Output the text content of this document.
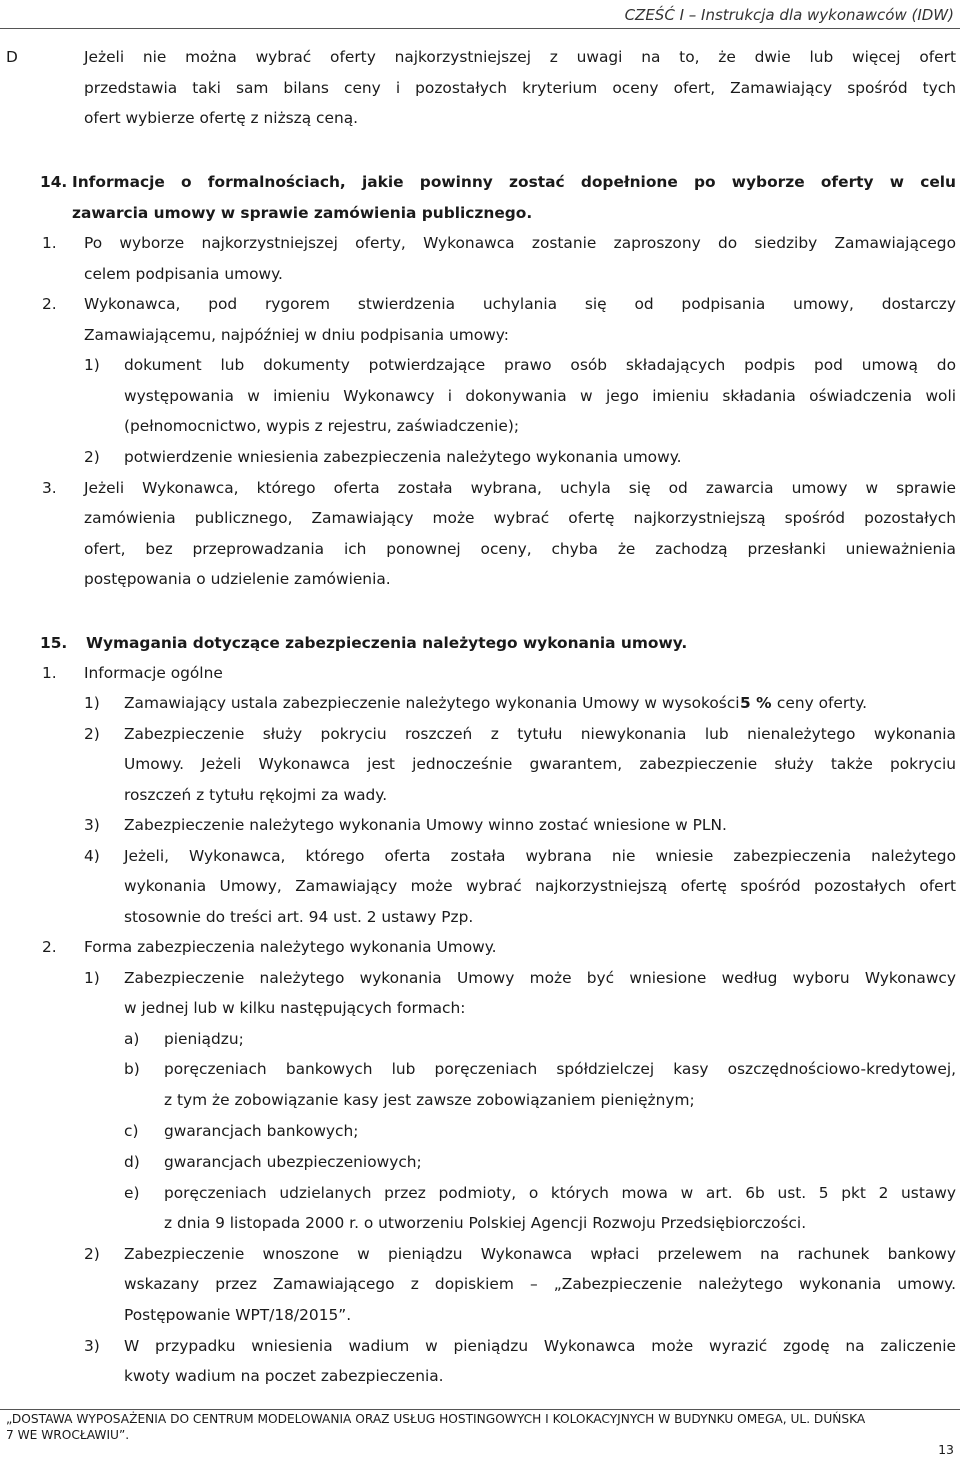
CZEŚĆ I – Instrukcja dla wykonawców (IDW)
D	Jeżeli nie można wybrać oferty najkorzystniejszej z uwagi na to, że dwie lub więcej ofert
przedstawia taki sam bilans ceny i pozostałych kryterium oceny ofert, Zamawiający spośród tych
ofert wybierze ofertę z niższą ceną.
14. Informacje o formalnościach, jakie powinny zostać dopełnione po wyborze oferty w celu
zawarcia umowy w sprawie zamówienia publicznego.
1. Po wyborze najkorzystniejszej oferty, Wykonawca zostanie zaproszony do siedziby Zamawiającego
celem podpisania umowy.
2. Wykonawca, pod rygorem stwierdzenia uchylania się od podpisania umowy, dostarczy
Zamawiającemu, najpóźniej w dniu podpisania umowy:
1) dokument lub dokumenty potwierdzające prawo osób składających podpis pod umową do
występowania w imieniu Wykonawcy i dokonywania w jego imieniu składania oświadczenia woli
(pełnomocnictwo, wypis z rejestru, zaświadczenie);
2) potwierdzenie wniesienia zabezpieczenia należytego wykonania umowy.
3. Jeżeli Wykonawca, którego oferta została wybrana, uchyla się od zawarcia umowy w sprawie
zamówienia publicznego, Zamawiający może wybrać ofertę najkorzystniejszą spośród pozostałych
ofert, bez przeprowadzania ich ponownej oceny, chyba że zachodzą przesłanki unieważnienia
postępowania o udzielenie zamówienia.
15. Wymagania dotyczące zabezpieczenia należytego wykonania umowy.
1. Informacje ogólne
1) Zamawiający ustala zabezpieczenie należytego wykonania Umowy w wysokości 5 % ceny oferty.
2) Zabezpieczenie służy pokryciu roszczeń z tytułu niewykonania lub nienależytego wykonania
Umowy. Jeżeli Wykonawca jest jednocześnie gwarantem, zabezpieczenie służy także pokryciu
roszczeń z tytułu rękojmi za wady.
3) Zabezpieczenie należytego wykonania Umowy winno zostać wniesione w PLN.
4) Jeżeli, Wykonawca, którego oferta została wybrana nie wniesie zabezpieczenia należytego
wykonania Umowy, Zamawiający może wybrać najkorzystniejszą ofertę spośród pozostałych ofert
stosownie do treści art. 94 ust. 2 ustawy Pzp.
2. Forma zabezpieczenia należytego wykonania Umowy.
1) Zabezpieczenie należytego wykonania Umowy może być wniesione według wyboru Wykonawcy
w jednej lub w kilku następujących formach:
a) pieniądzu;
b) poręczeniach bankowych lub poręczeniach spółdzielczej kasy oszczędnościowo-kredytowej,
z tym że zobowiązanie kasy jest zawsze zobowiązaniem pieniężnym;
c) gwarancjach bankowych;
d) gwarancjach ubezpieczeniowych;
e) poręczeniach udzielanych przez podmioty, o których mowa w art. 6b ust. 5 pkt 2 ustawy
z dnia 9 listopada 2000 r. o utworzeniu Polskiej Agencji Rozwoju Przedsiębiorczości.
2) Zabezpieczenie wnoszone w pieniądzu Wykonawca wpłaci przelewem na rachunek bankowy
wskazany przez Zamawiającego z dopiskiem – „Zabezpieczenie należytego wykonania umowy.
Postępowanie WPT/18/2015”.
3) W przypadku wniesienia wadium w pieniądzu Wykonawca może wyrazić zgodę na zaliczenie
kwoty wadium na poczet zabezpieczenia.
„DOSTAWA WYPOSAŻENIA DO CENTRUM MODELOWANIA ORAZ USŁUG HOSTINGOWYCH I KOLOKACYJNYCH W BUDYNKU OMEGA, UL. DUŃSKA
7 WE WROCŁAWIU”.
13
